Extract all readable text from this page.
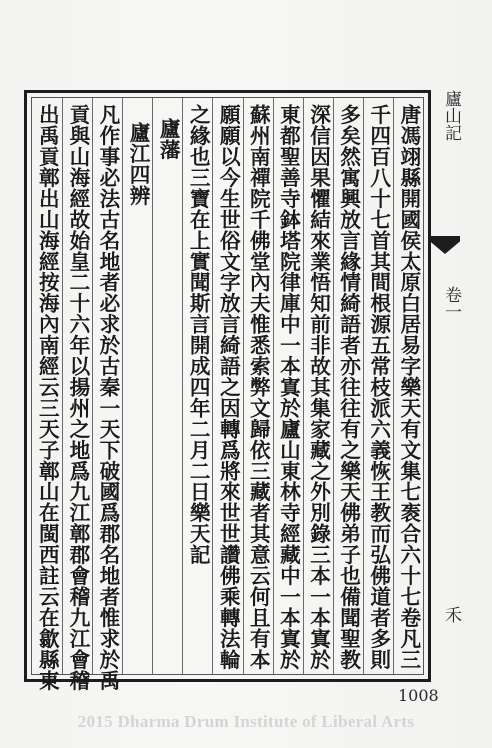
廬山記
卷一
禾
唐馮翊縣開國侯太原白居易字樂天有文集七袠合六十七卷凡三
千四百八十七首其間根源五常枝派六義恢王教而弘佛道者多則
多矣然寓興放言緣情綺語者亦往往有之樂天佛弟子也備聞聖教
深信因果懼結來業悟知前非故其集家藏之外別錄三本一本寘於
東都聖善寺鉢塔院律庫中一本寘於廬山東林寺經藏中一本寘於
蘇州南禪院千佛堂內夫惟悉索弊文歸依三藏者其意云何且有本
願願以今生世俗文字放言綺語之因轉爲將來世世讚佛乘轉法輪
之緣也三寶在上實聞斯言開成四年二月二日樂天記
廬藩
廬江四辨
凡作事必法古名地者必求於古秦一天下破國爲郡名地者惟求於禹
貢與山海經故始皇二十六年以揚州之地爲九江鄣郡會稽九江會稽
出禹貢鄣出山海經按海內南經云三天子鄣山在閩西註云在歙縣東
1008
2015 Dharma Drum Institute of Liberal Arts
